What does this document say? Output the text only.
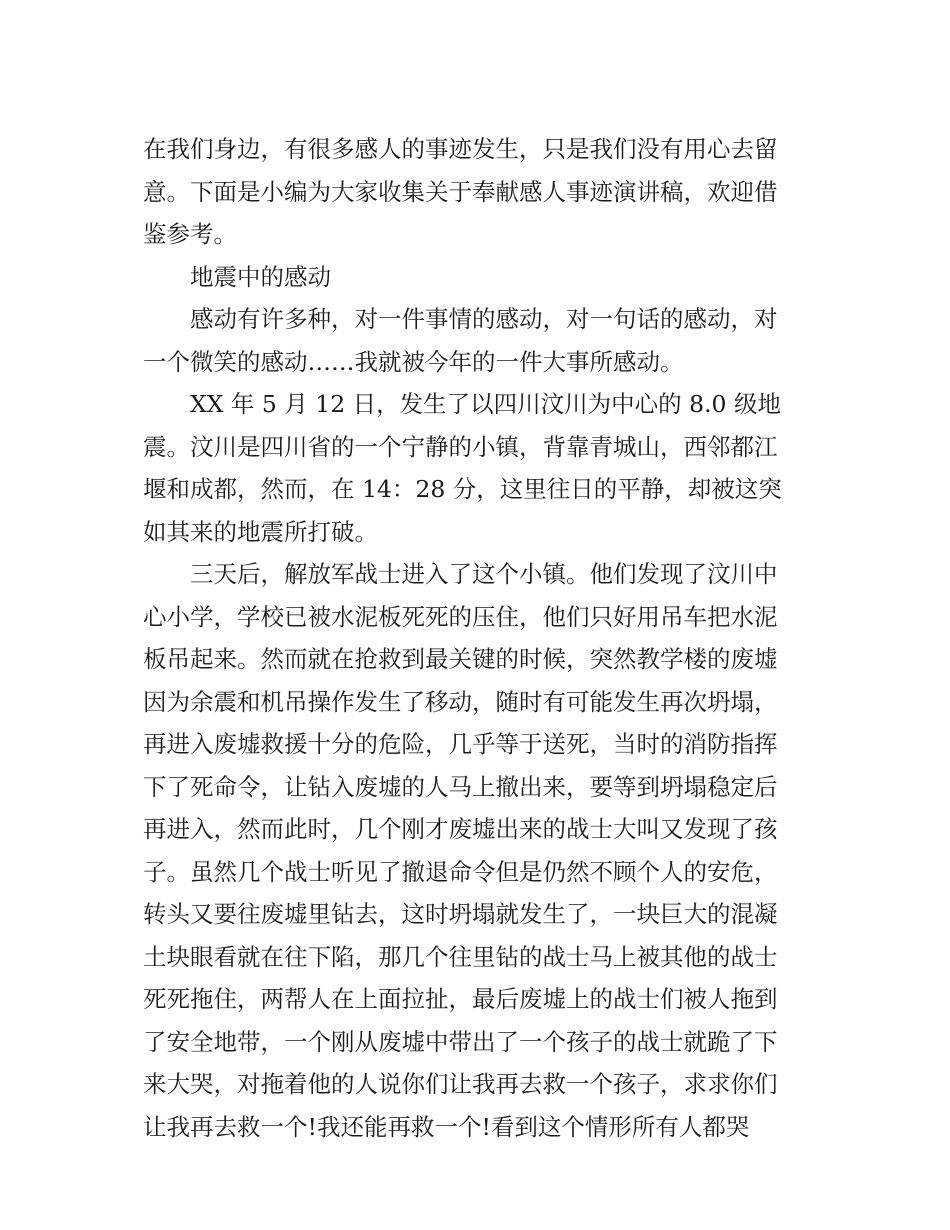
在我们身边，有很多感人的事迹发生，只是我们没有用心去留
意。下面是小编为大家收集关于奉献感人事迹演讲稿，欢迎借
鉴参考。
地震中的感动
感动有许多种，对一件事情的感动，对一句话的感动，对
一个微笑的感动……我就被今年的一件大事所感动。
XX 年 5 月 12 日，发生了以四川汶川为中心的 8.0 级地
震。汶川是四川省的一个宁静的小镇，背靠青城山，西邻都江
堰和成都，然而，在 14：28 分，这里往日的平静，却被这突
如其来的地震所打破。
三天后，解放军战士进入了这个小镇。他们发现了汶川中
心小学，学校已被水泥板死死的压住，他们只好用吊车把水泥
板吊起来。然而就在抢救到最关键的时候，突然教学楼的废墟
因为余震和机吊操作发生了移动，随时有可能发生再次坍塌，
再进入废墟救援十分的危险，几乎等于送死，当时的消防指挥
下了死命令，让钻入废墟的人马上撤出来，要等到坍塌稳定后
再进入，然而此时，几个刚才废墟出来的战士大叫又发现了孩
子。虽然几个战士听见了撤退命令但是仍然不顾个人的安危，
转头又要往废墟里钻去，这时坍塌就发生了，一块巨大的混凝
土块眼看就在往下陷，那几个往里钻的战士马上被其他的战士
死死拖住，两帮人在上面拉扯，最后废墟上的战士们被人拖到
了安全地带，一个刚从废墟中带出了一个孩子的战士就跪了下
来大哭，对拖着他的人说你们让我再去救一个孩子，求求你们
让我再去救一个!我还能再救一个!看到这个情形所有人都哭
